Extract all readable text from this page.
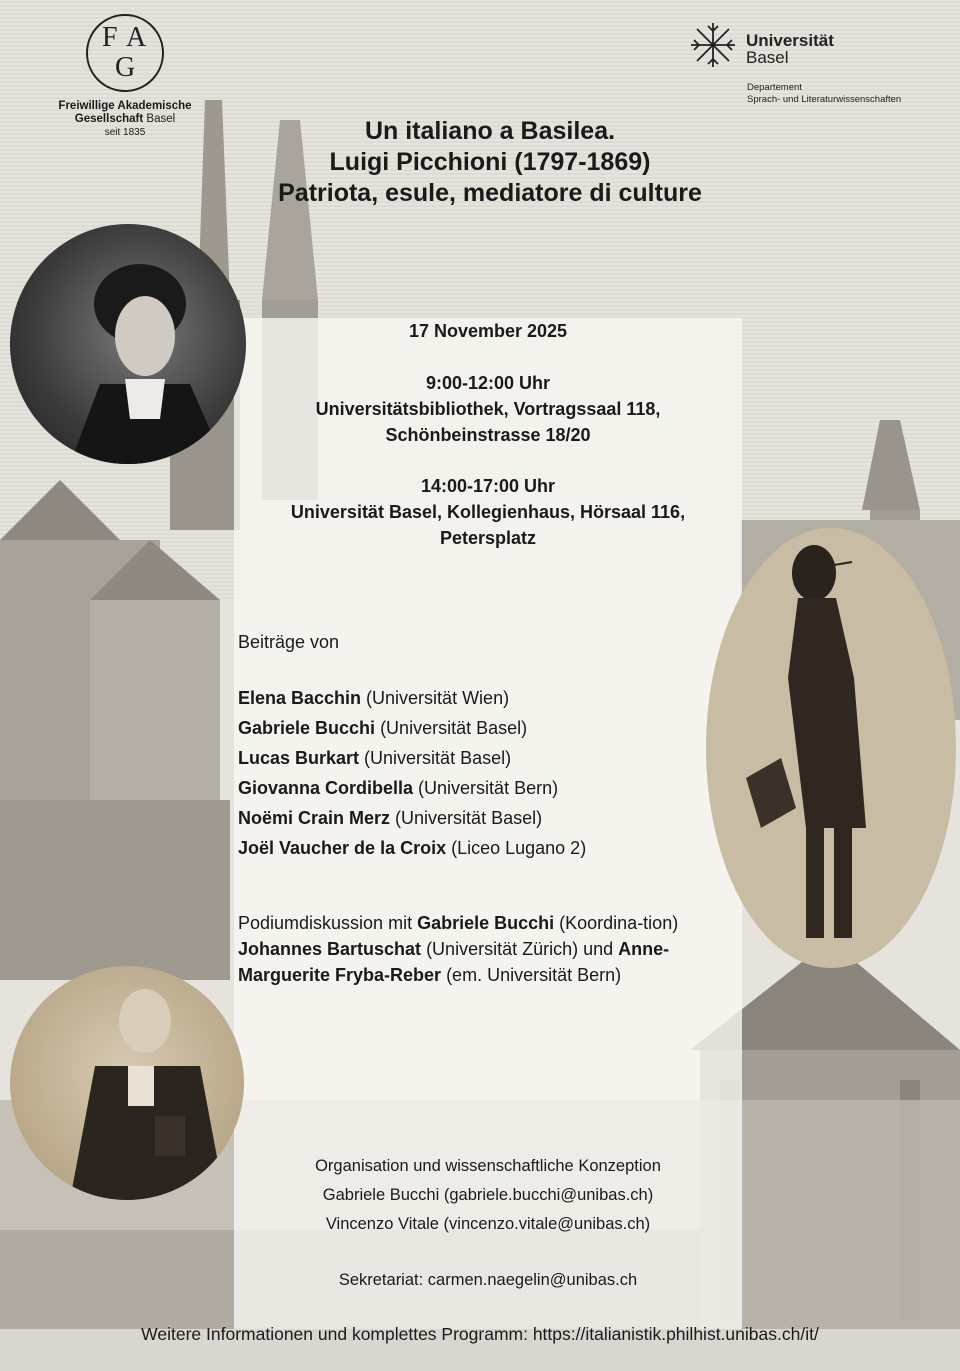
F A
G
Freiwillige Akademische
Gesellschaft Basel
seit 1835
Universität
Basel
Departement
Sprach- und Literaturwissenschaften
Un italiano a Basilea.
Luigi Picchioni (1797-1869)
Patriota, esule, mediatore di culture
17 November 2025
9:00-12:00 Uhr
Universitätsbibliothek, Vortragssaal 118,
Schönbeinstrasse 18/20
14:00-17:00 Uhr
Universität Basel, Kollegienhaus, Hörsaal 116,
Petersplatz
Beiträge von
Elena Bacchin (Universität Wien)
Gabriele Bucchi (Universität Basel)
Lucas Burkart (Universität Basel)
Giovanna Cordibella (Universität Bern)
Noëmi Crain Merz (Universität Basel)
Joël Vaucher de la Croix (Liceo Lugano 2)
Podiumdiskussion mit Gabriele Bucchi (Koordina-tion) Johannes Bartuschat (Universität Zürich) und Anne-Marguerite Fryba-Reber (em. Universität Bern)
Organisation und wissenschaftliche Konzeption
Gabriele Bucchi (gabriele.bucchi@unibas.ch)
Vincenzo Vitale (vincenzo.vitale@unibas.ch)
Sekretariat: carmen.naegelin@unibas.ch
Weitere Informationen und komplettes Programm: https://italianistik.philhist.unibas.ch/it/
